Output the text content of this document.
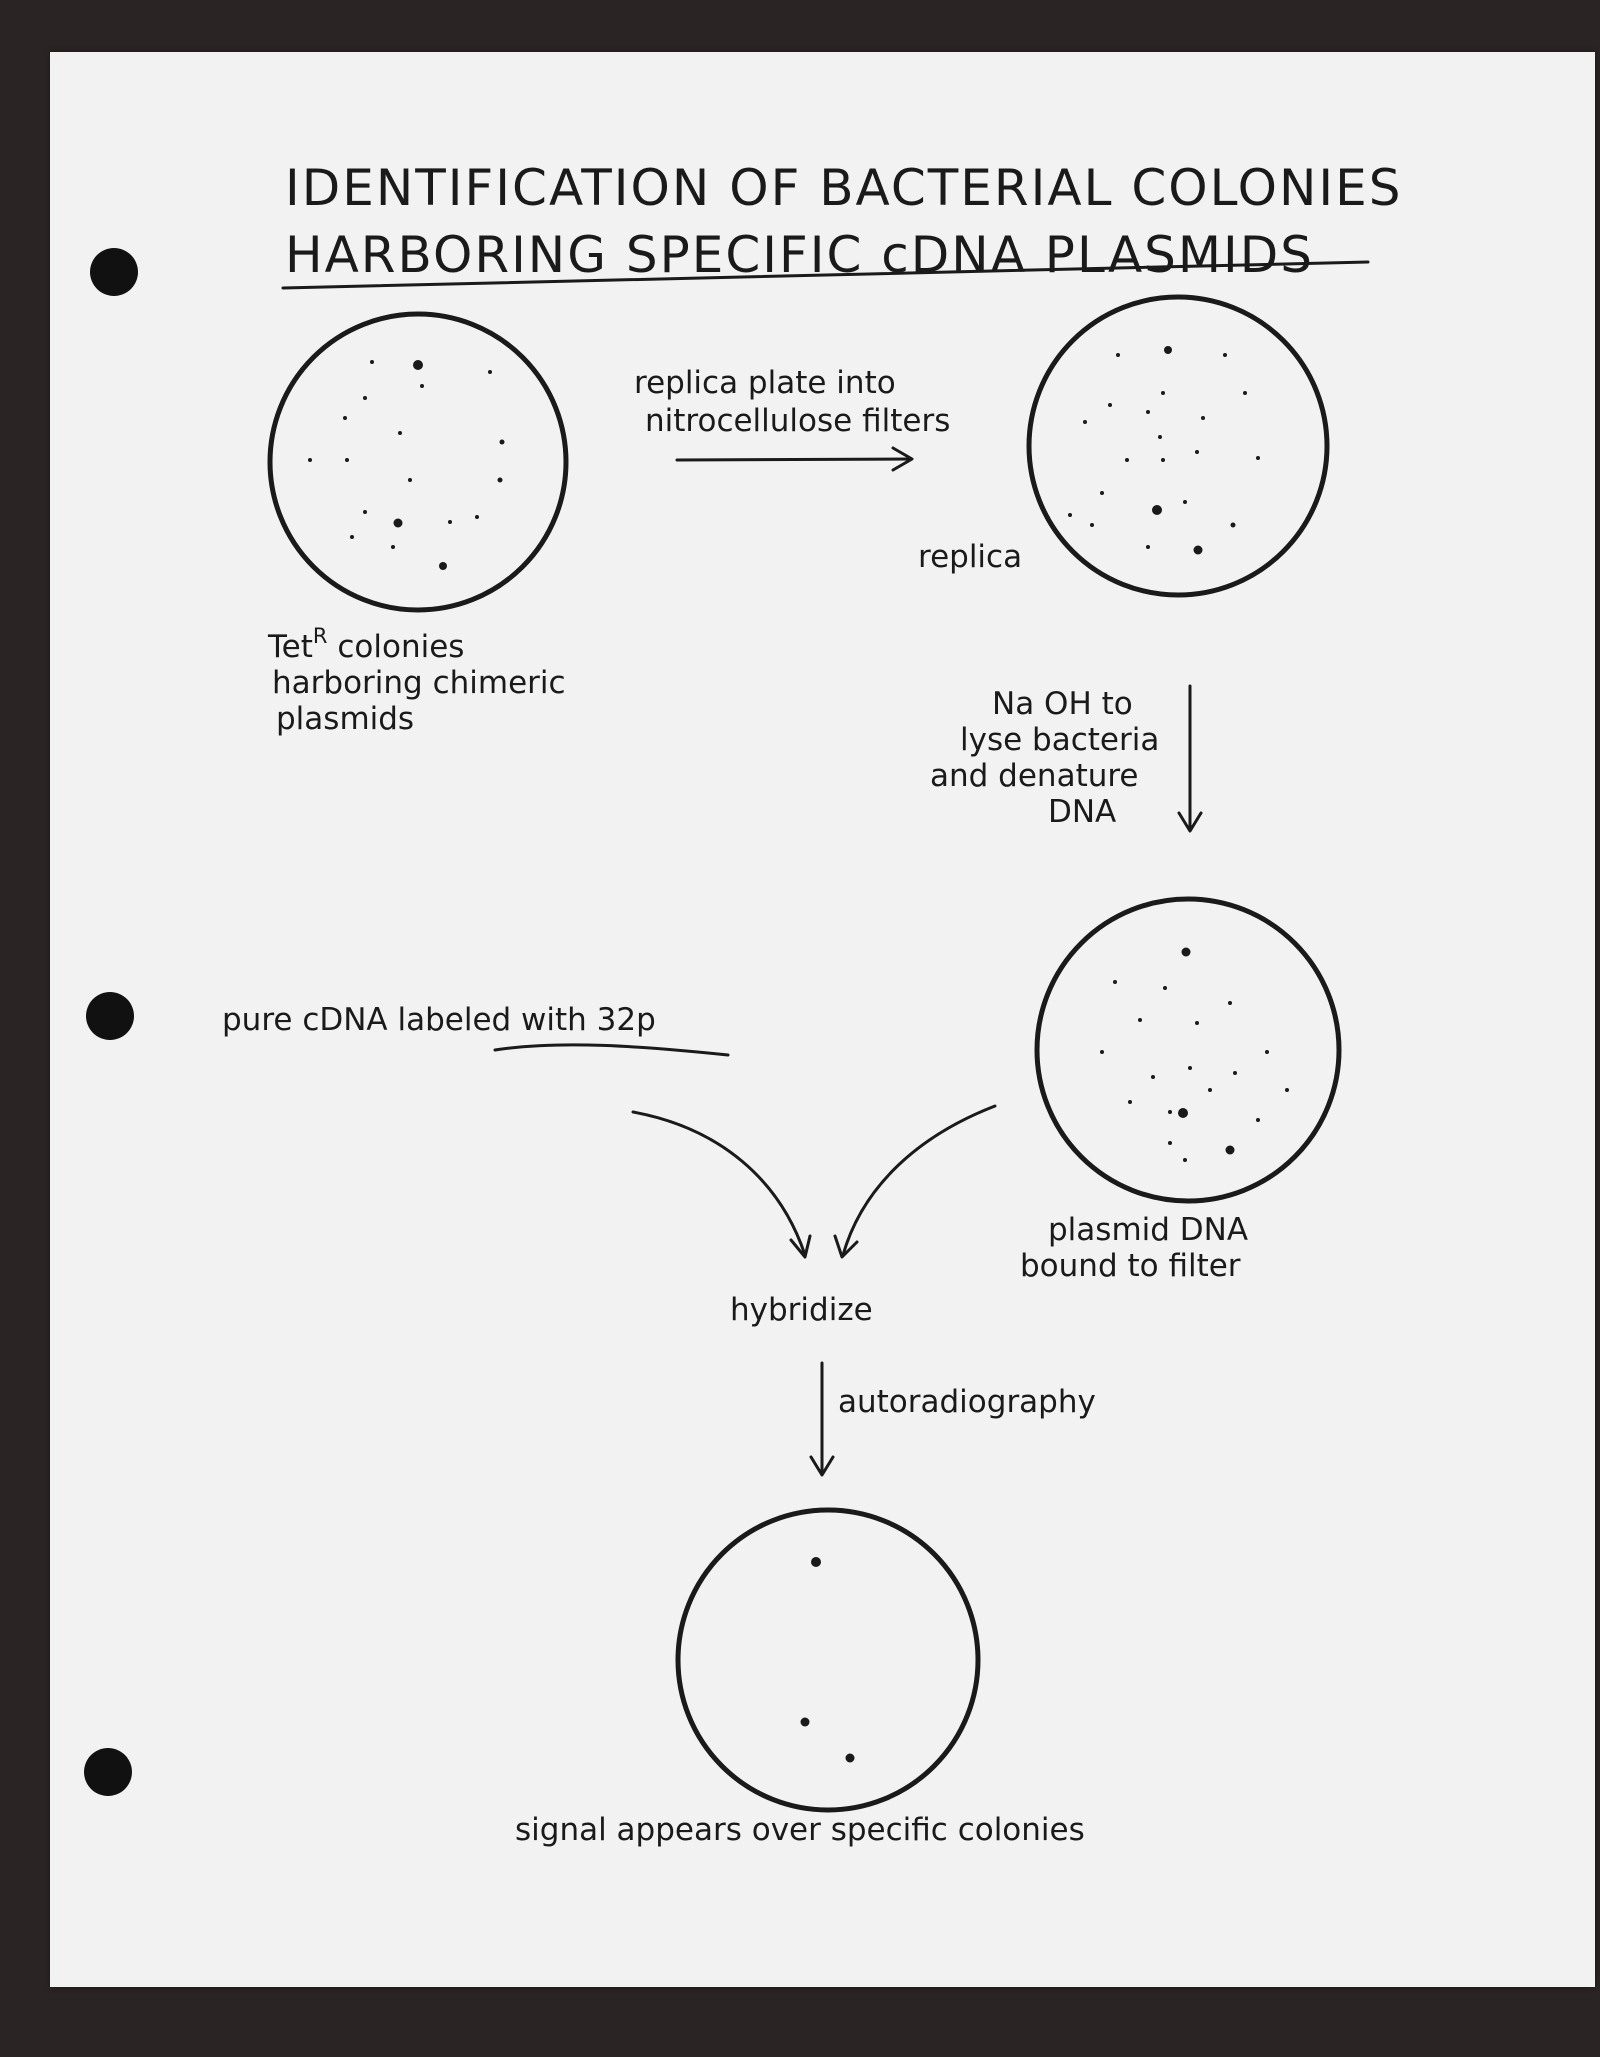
IDENTIFICATION OF BACTERIAL COLONIES
HARBORING SPECIFIC cDNA PLASMIDS
Tet$^R$ colonies
harboring chimeric
plasmids
replica plate into
nitrocellulose filters
replica
Na OH to
lyse bacteria
and denature
DNA
plasmid DNA
bound to filter
pure cDNA labeled with 32p
hybridize
autoradiography
signal appears over specific colonies
